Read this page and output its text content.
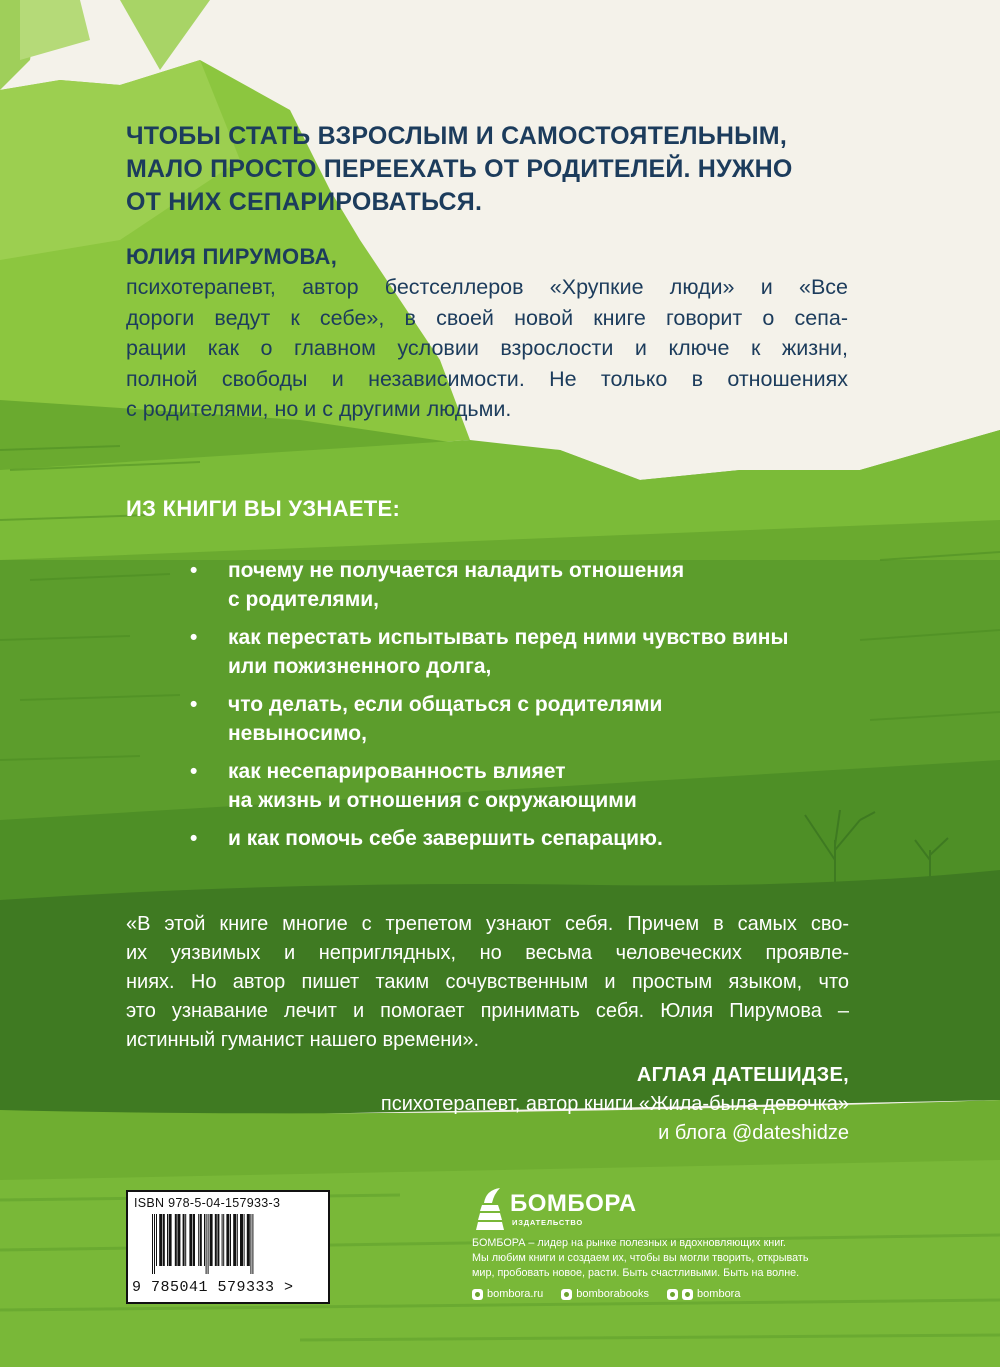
ЧТОБЫ СТАТЬ ВЗРОСЛЫМ И САМОСТОЯТЕЛЬНЫМ,
МАЛО ПРОСТО ПЕРЕЕХАТЬ ОТ РОДИТЕЛЕЙ. НУЖНО
ОТ НИХ СЕПАРИРОВАТЬСЯ.
ЮЛИЯ ПИРУМОВА,
психотерапевт, автор бестселлеров «Хрупкие люди» и «Все
дороги ведут к себе», в своей новой книге говорит о сепа-
рации как о главном условии взрослости и ключе к жизни,
полной свободы и независимости. Не только в отношениях
с родителями, но и с другими людьми.
ИЗ КНИГИ ВЫ УЗНАЕТЕ:
• почему не получается наладить отношения
с родителями,
• как перестать испытывать перед ними чувство вины
или пожизненного долга,
• что делать, если общаться с родителями
невыносимо,
• как несепарированность влияет
на жизнь и отношения с окружающими
• и как помочь себе завершить сепарацию.
«В этой книге многие с трепетом узнают себя. Причем в самых сво-
их уязвимых и неприглядных, но весьма человеческих проявле-
ниях. Но автор пишет таким сочувственным и простым языком, что
это узнавание лечит и помогает принимать себя. Юлия Пирумова –
истинный гуманист нашего времени».
АГЛАЯ ДАТЕШИДЗЕ,
психотерапевт, автор книги «Жила-была девочка»
и блога @dateshidze
ISBN 978-5-04-157933-3
9 785041 579333 >
БОМБОРА
ИЗДАТЕЛЬСТВО
БОМБОРА – лидер на рынке полезных и вдохновляющих книг.
Мы любим книги и создаем их, чтобы вы могли творить, открывать
мир, пробовать новое, расти. Быть счастливыми. Быть на волне.
bombora.ru	bomborabooks	bombora
